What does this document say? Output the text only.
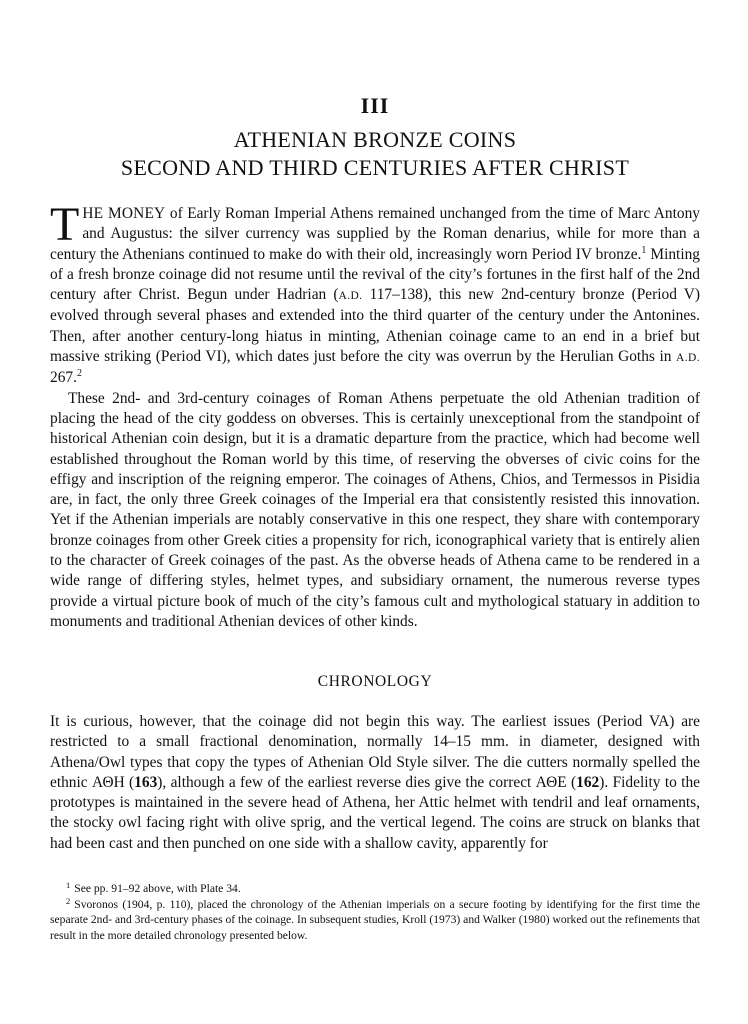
III
ATHENIAN BRONZE COINS
SECOND AND THIRD CENTURIES AFTER CHRIST

THE MONEY of Early Roman Imperial Athens remained unchanged from the time of Marc Antony and Augustus: the silver currency was supplied by the Roman denarius, while for more than a century the Athenians continued to make do with their old, increasingly worn Period IV bronze.$^1$ Minting of a fresh bronze coinage did not resume until the revival of the city’s fortunes in the first half of the 2nd century after Christ. Begun under Hadrian (A.D. 117–138), this new 2nd-century bronze (Period V) evolved through several phases and extended into the third quarter of the century under the Antonines. Then, after another century-long hiatus in minting, Athenian coinage came to an end in a brief but massive striking (Period VI), which dates just before the city was overrun by the Herulian Goths in A.D. 267.$^2$

These 2nd- and 3rd-century coinages of Roman Athens perpetuate the old Athenian tradition of placing the head of the city goddess on obverses. This is certainly unexceptional from the standpoint of historical Athenian coin design, but it is a dramatic departure from the practice, which had become well established throughout the Roman world by this time, of reserving the obverses of civic coins for the effigy and inscription of the reigning emperor. The coinages of Athens, Chios, and Termessos in Pisidia are, in fact, the only three Greek coinages of the Imperial era that consistently resisted this innovation. Yet if the Athenian imperials are notably conservative in this one respect, they share with contemporary bronze coinages from other Greek cities a propensity for rich, iconographical variety that is entirely alien to the character of Greek coinages of the past. As the obverse heads of Athena came to be rendered in a wide range of differing styles, helmet types, and subsidiary ornament, the numerous reverse types provide a virtual picture book of much of the city’s famous cult and mythological statuary in addition to monuments and traditional Athenian devices of other kinds.

CHRONOLOGY

It is curious, however, that the coinage did not begin this way. The earliest issues (Period VA) are restricted to a small fractional denomination, normally 14–15 mm. in diameter, designed with Athena/Owl types that copy the types of Athenian Old Style silver. The die cutters normally spelled the ethnic ΑΘΗ (163), although a few of the earliest reverse dies give the correct ΑΘΕ (162). Fidelity to the prototypes is maintained in the severe head of Athena, her Attic helmet with tendril and leaf ornaments, the stocky owl facing right with olive sprig, and the vertical legend. The coins are struck on blanks that had been cast and then punched on one side with a shallow cavity, apparently for

$^1$ See pp. 91–92 above, with Plate 34.

$^2$ Svoronos (1904, p. 110), placed the chronology of the Athenian imperials on a secure footing by identifying for the first time the separate 2nd- and 3rd-century phases of the coinage. In subsequent studies, Kroll (1973) and Walker (1980) worked out the refinements that result in the more detailed chronology presented below.
